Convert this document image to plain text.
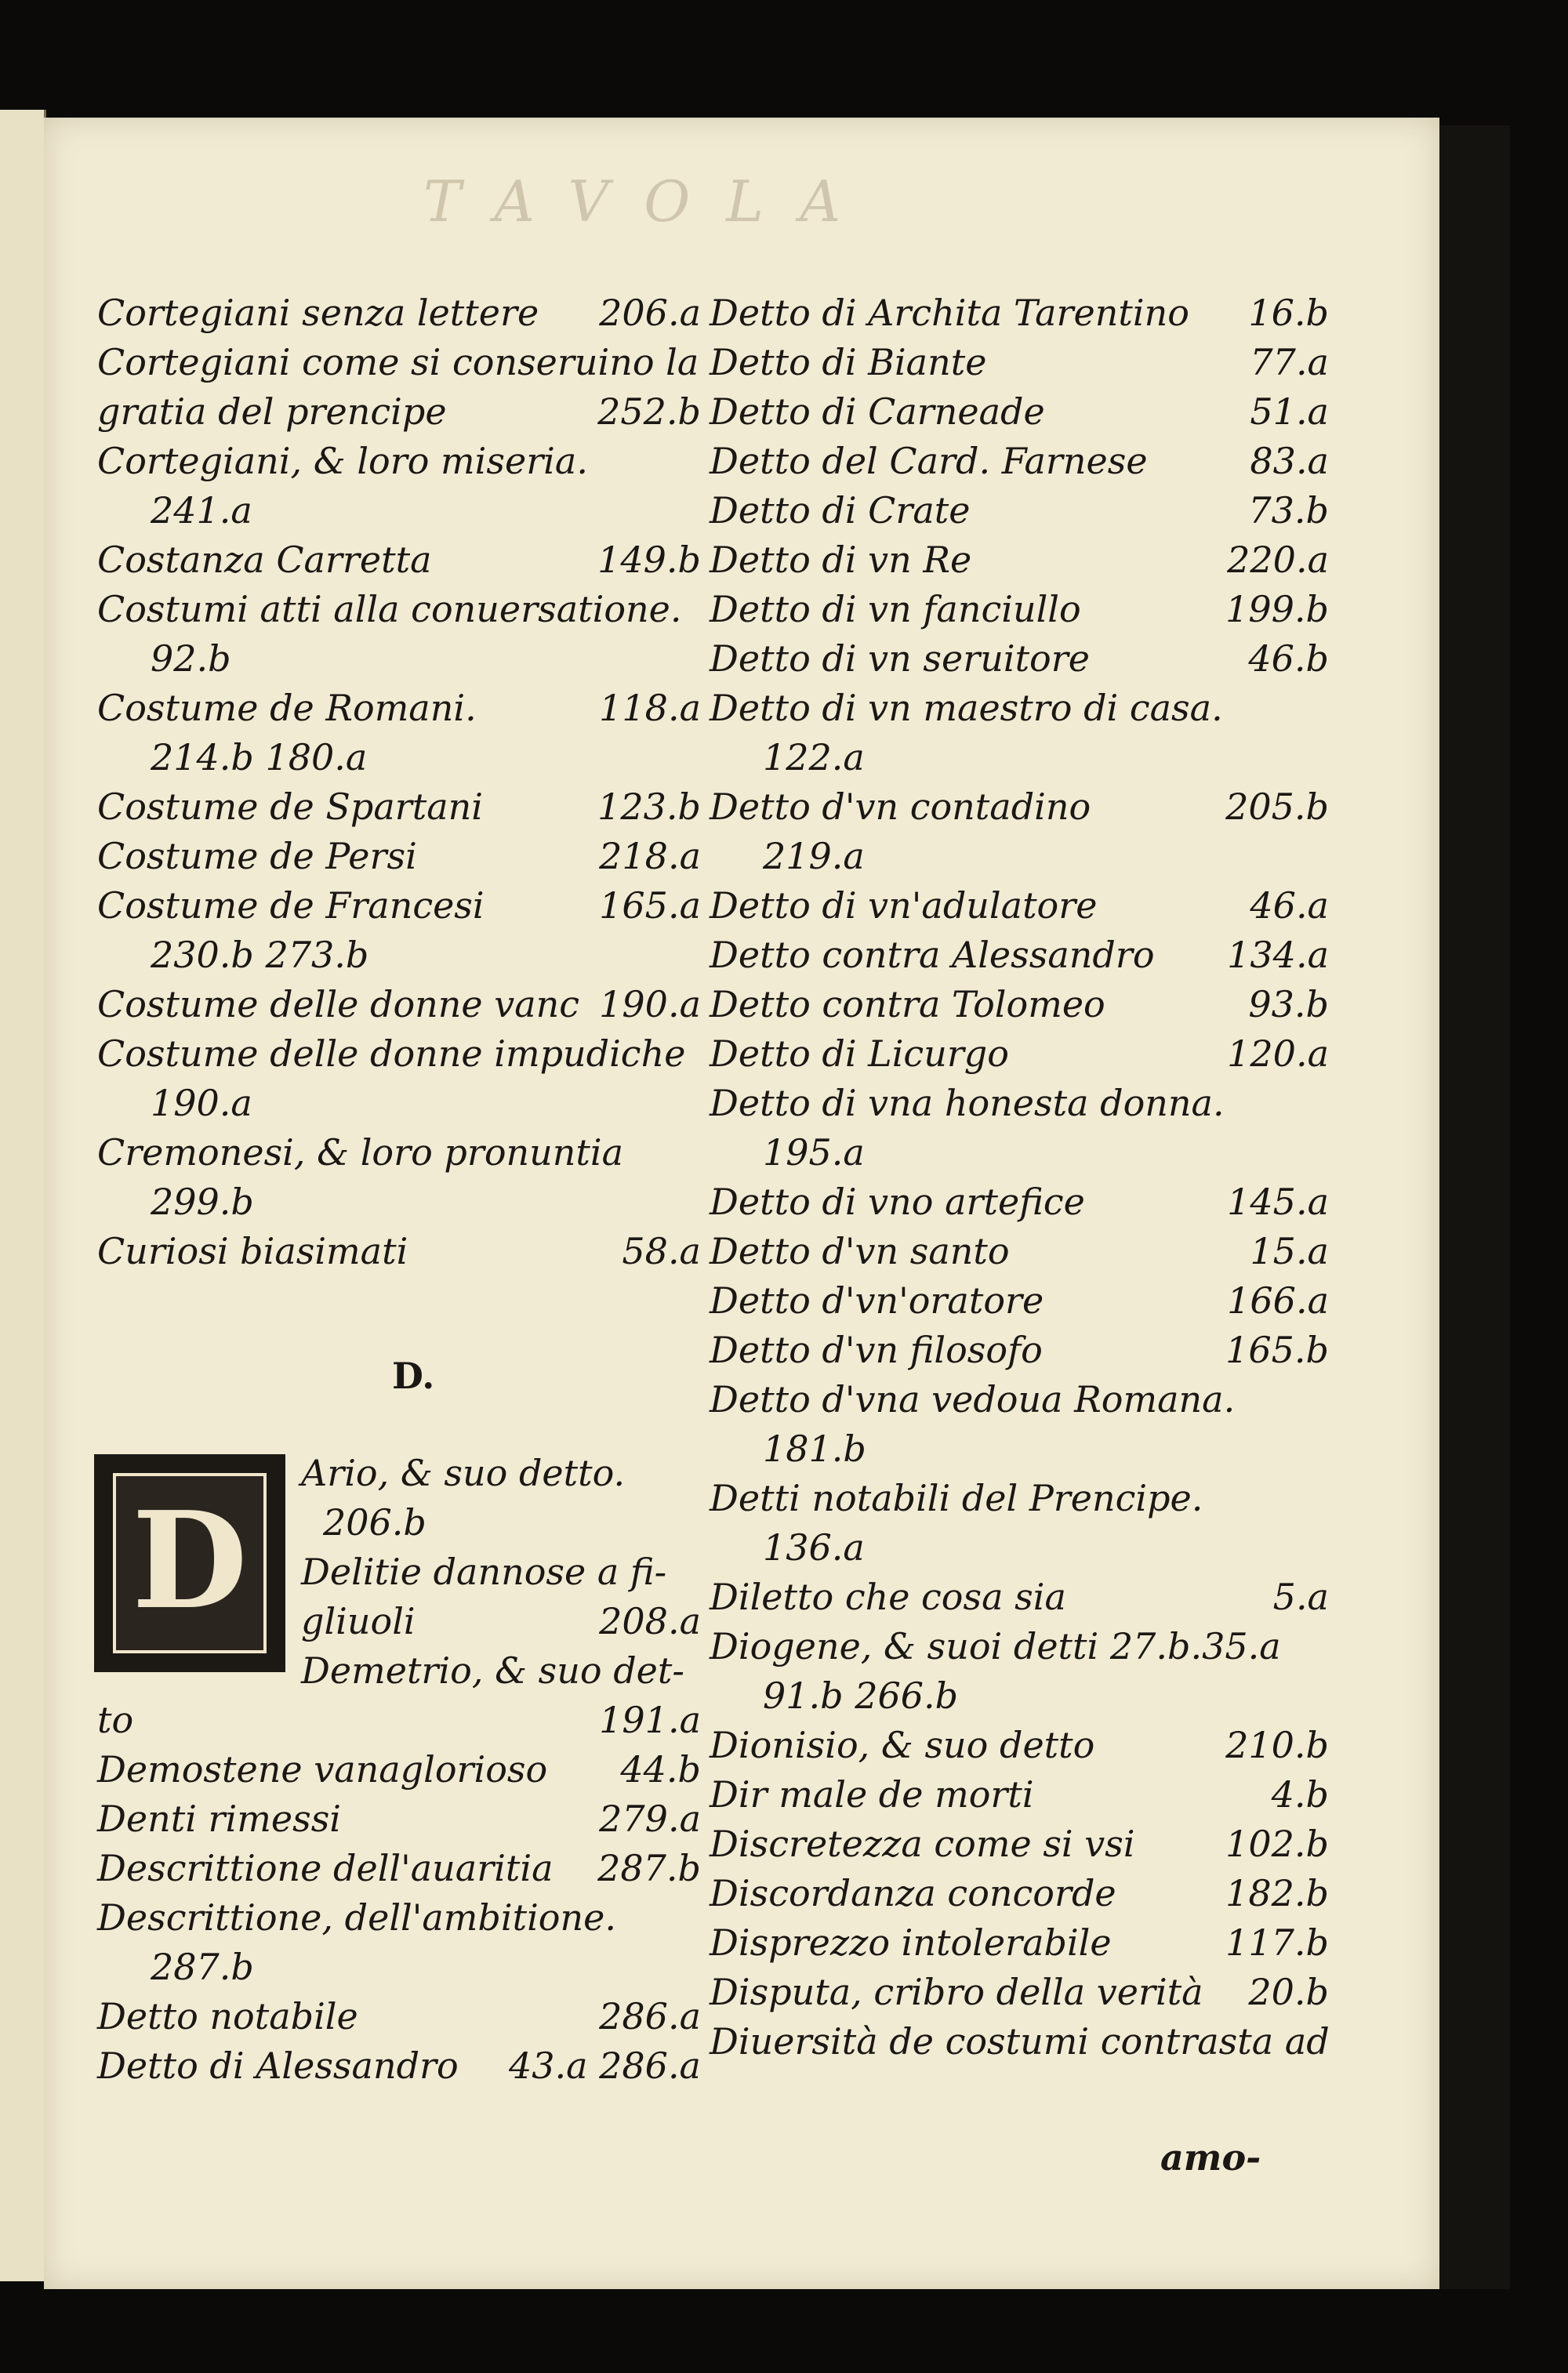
TAVOLA
Cortegiani senza lettere 206.a
Cortegiani come si conseruino la
gratia del prencipe	252.b
Cortegiani, & loro miseria.
241.a
Costanza Carretta	149.b
Costumi atti alla conuersatione.
92.b
Costume de Romani.	118.a
214.b 180.a
Costume de Spartani	123.b
Costume de Persi	218.a
Costume de Francesi	165.a
230.b 273.b
Costume delle donne vanc 190.a
Costume delle donne impudiche
190.a
Cremonesi, & loro pronuntia
299.b
Curiosi biasimati	58.a
D.
D
Ario, & suo detto.
206.b
Delitie dannose a fi-
gliuoli	208.a
Demetrio, & suo det-
to	191.a
Demostene vanaglorioso 44.b
Denti rimessi	279.a
Descrittione dell'auaritia 287.b
Descrittione, dell'ambitione.
287.b
Detto notabile	286.a
Detto di Alessandro 43.a 286.a
Detto di Archita Tarentino 16.b
Detto di Biante	77.a
Detto di Carneade	51.a
Detto del Card. Farnese	83.a
Detto di Crate	73.b
Detto di vn Re	220.a
Detto di vn fanciullo	199.b
Detto di vn seruitore	46.b
Detto di vn maestro di casa.
122.a
Detto d'vn contadino	205.b
219.a
Detto di vn'adulatore	46.a
Detto contra Alessandro 134.a
Detto contra Tolomeo	93.b
Detto di Licurgo	120.a
Detto di vna honesta donna.
195.a
Detto di vno artefice	145.a
Detto d'vn santo	15.a
Detto d'vn'oratore	166.a
Detto d'vn filosofo	165.b
Detto d'vna vedoua Romana.
181.b
Detti notabili del Prencipe.
136.a
Diletto che cosa sia	5.a
Diogene, & suoi detti 27.b.35.a
91.b 266.b
Dionisio, & suo detto	210.b
Dir male de morti	4.b
Discretezza come si vsi	102.b
Discordanza concorde	182.b
Disprezzo intolerabile	117.b
Disputa, cribro della verità 20.b
Diuersità de costumi contrasta ad
amo-
